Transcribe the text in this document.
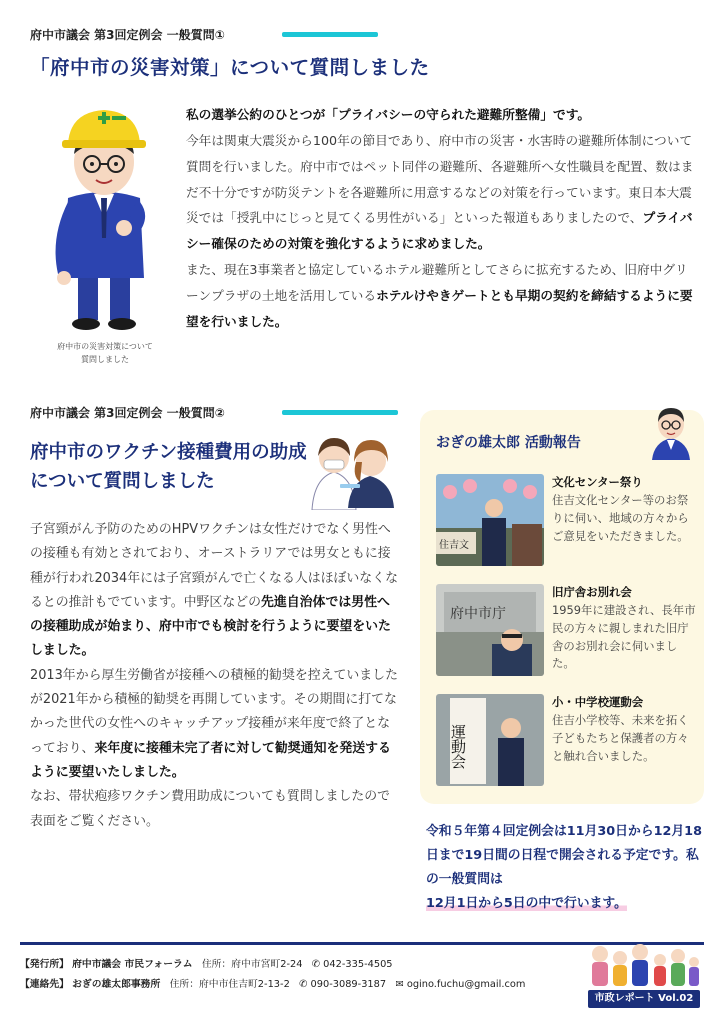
府中市議会 第3回定例会 一般質問①
「府中市の災害対策」について質問しました
府中市の災害対策について
質問しました
私の選挙公約のひとつが「プライバシーの守られた避難所整備」です。
今年は関東大震災から100年の節目であり、府中市の災害・水害時の避難所体制について質問を行いました。府中市ではペット同伴の避難所、各避難所へ女性職員を配置、数はまだ不十分ですが防災テントを各避難所に用意するなどの対策を行っています。東日本大震災では「授乳中にじっと見てくる男性がいる」といった報道もありましたので、プライバシー確保のための対策を強化するように求めました。
また、現在3事業者と協定しているホテル避難所としてさらに拡充するため、旧府中グリーンプラザの土地を活用しているホテルけやきゲートとも早期の契約を締結するように要望を行いました。
府中市議会 第3回定例会 一般質問②
府中市のワクチン接種費用の助成について質問しました
子宮頸がん予防のためのHPVワクチンは女性だけでなく男性への接種も有効とされており、オーストラリアでは男女ともに接種が行われ2034年には子宮頸がんで亡くなる人はほぼいなくなるとの推計もでています。中野区などの先進自治体では男性への接種助成が始まり、府中市でも検討を行うように要望をいたしました。
2013年から厚生労働省が接種への積極的勧奨を控えていましたが2021年から積極的勧奨を再開しています。その期間に打てなかった世代の女性へのキャッチアップ接種が来年度で終了となっており、来年度に接種未完了者に対して勧奨通知を発送するように要望いたしました。
なお、帯状疱疹ワクチン費用助成についても質問しましたので表面をご覧ください。
おぎの雄太郎 活動報告
住吉文
文化センター祭り
住吉文化センター等のお祭りに伺い、地域の方々からご意見をいただきました。
府中市庁
旧庁舎お別れ会
1959年に建設され、長年市民の方々に親しまれた旧庁舎のお別れ会に伺いました。
運動会
小・中学校運動会
住吉小学校等、未来を拓く子どもたちと保護者の方々と触れ合いました。
令和５年第４回定例会は11月30日から12月18日まで19日間の日程で開会される予定です。私の一般質問は
12月1日から5日の中で行います。
【発行所】 府中市議会 市民フォーラム 住所：府中市宮町2-24 ✆ 042-335-4505
【連絡先】 おぎの雄太郎事務所 住所：府中市住吉町2-13-2 ✆ 090-3089-3187 ✉ ogino.fuchu@gmail.com
市政レポート Vol.02
